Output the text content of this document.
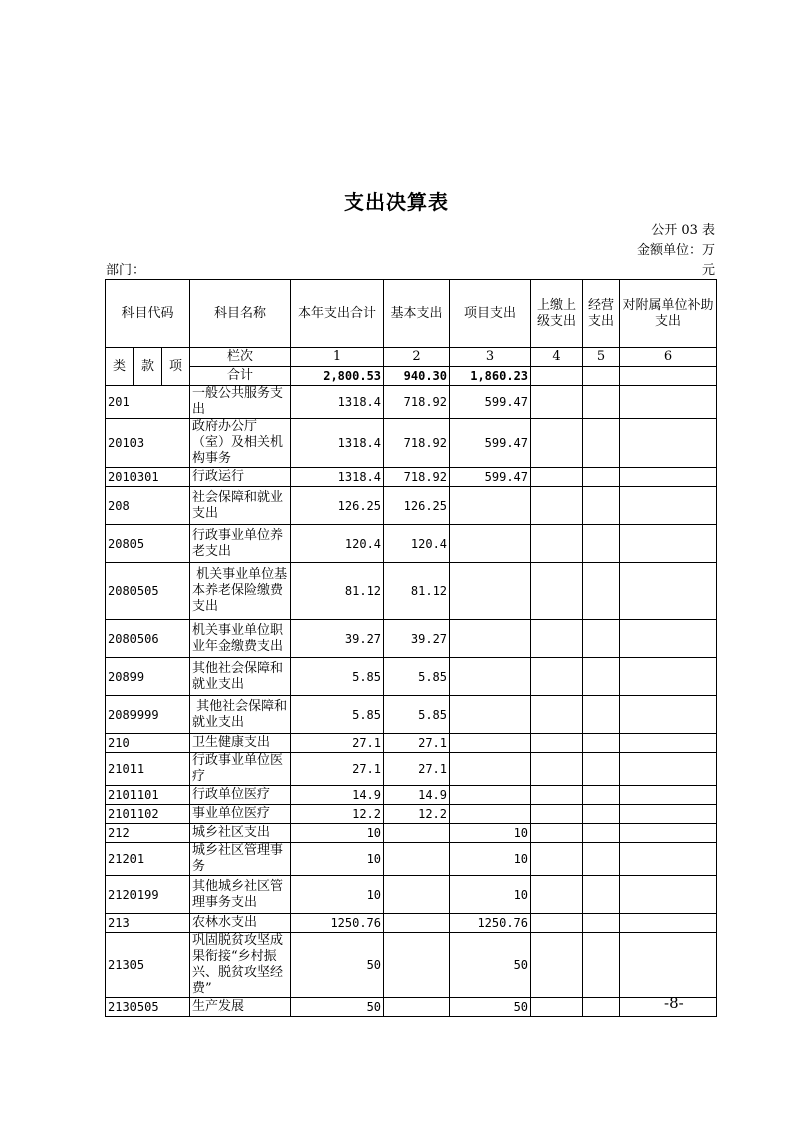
支出决算表
公开 03 表
金额单位：万
元
部门：
科目代码			科目名称	本年支出合计	基本支出	项目支出	上缴上级支出	经营支出	对附属单位补助支出
类	款	项	栏次	1	2	3	4	5	6
			合计	2,800.53	940.30	1,860.23			
201			一般公共服务支出	1318.4	718.92	599.47			
20103			政府办公厅（室）及相关机构事务	1318.4	718.92	599.47			
2010301			行政运行	1318.4	718.92	599.47			
208			社会保障和就业支出	126.25	126.25				
20805			行政事业单位养老支出	120.4	120.4				
2080505			机关事业单位基本养老保险缴费支出	81.12	81.12				
2080506			机关事业单位职业年金缴费支出	39.27	39.27				
20899			其他社会保障和就业支出	5.85	5.85				
2089999			其他社会保障和就业支出	5.85	5.85				
210			卫生健康支出	27.1	27.1				
21011			行政事业单位医疗	27.1	27.1				
2101101			行政单位医疗	14.9	14.9				
2101102			事业单位医疗	12.2	12.2				
212			城乡社区支出	10		10			
21201			城乡社区管理事务	10		10			
2120199			其他城乡社区管理事务支出	10		10			
213			农林水支出	1250.76		1250.76			
21305			巩固脱贫攻坚成果衔接“乡村振兴、脱贫攻坚经费”	50		50			
2130505			生产发展	50		50				-8-
